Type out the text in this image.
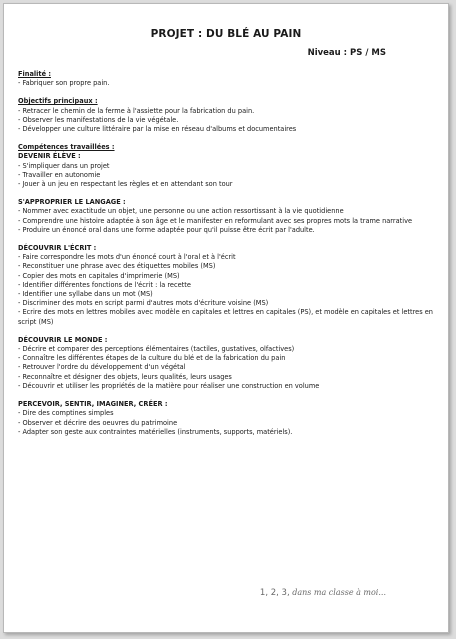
PROJET : DU BLÉ AU PAIN
Niveau : PS / MS
Finalité :
- Fabriquer son propre pain.
Objectifs principaux :
- Retracer le chemin de la ferme à l'assiette pour la fabrication du pain.
- Observer les manifestations de la vie végétale.
- Développer une culture littéraire par la mise en réseau d'albums et documentaires
Compétences travaillées :
DEVENIR ÉLÈVE :
- S'impliquer dans un projet
- Travailler en autonomie
- Jouer à un jeu en respectant les règles et en attendant son tour
S'APPROPRIER LE LANGAGE :
- Nommer avec exactitude un objet, une personne ou une action ressortissant à la vie quotidienne
- Comprendre une histoire adaptée à son âge et le manifester en reformulant avec ses propres mots la trame narrative
- Produire un énoncé oral dans une forme adaptée pour qu'il puisse être écrit par l'adulte.
DÉCOUVRIR L'ÉCRIT :
- Faire correspondre les mots d'un énoncé court à l'oral et à l'écrit
- Reconstituer une phrase avec des étiquettes mobiles (MS)
- Copier des mots en capitales d'imprimerie (MS)
- Identifier différentes fonctions de l'écrit : la recette
- Identifier une syllabe dans un mot (MS)
- Discriminer des mots en script parmi d'autres mots d'écriture voisine (MS)
- Ecrire des mots en lettres mobiles avec modèle en capitales et lettres en capitales (PS), et modèle en capitales et lettres en script (MS)
DÉCOUVRIR LE MONDE :
- Décrire et comparer des perceptions élémentaires (tactiles, gustatives, olfactives)
- Connaître les différentes étapes de la culture du blé et de la fabrication du pain
- Retrouver l'ordre du développement d'un végétal
- Reconnaître et désigner des objets, leurs qualités, leurs usages
- Découvrir et utiliser les propriétés de la matière pour réaliser une construction en volume
PERCEVOIR, SENTIR, IMAGINER, CRÉER :
- Dire des comptines simples
- Observer et décrire des oeuvres du patrimoine
- Adapter son geste aux contraintes matérielles (instruments, supports, matériels).
1, 2, 3, dans ma classe à moi...
